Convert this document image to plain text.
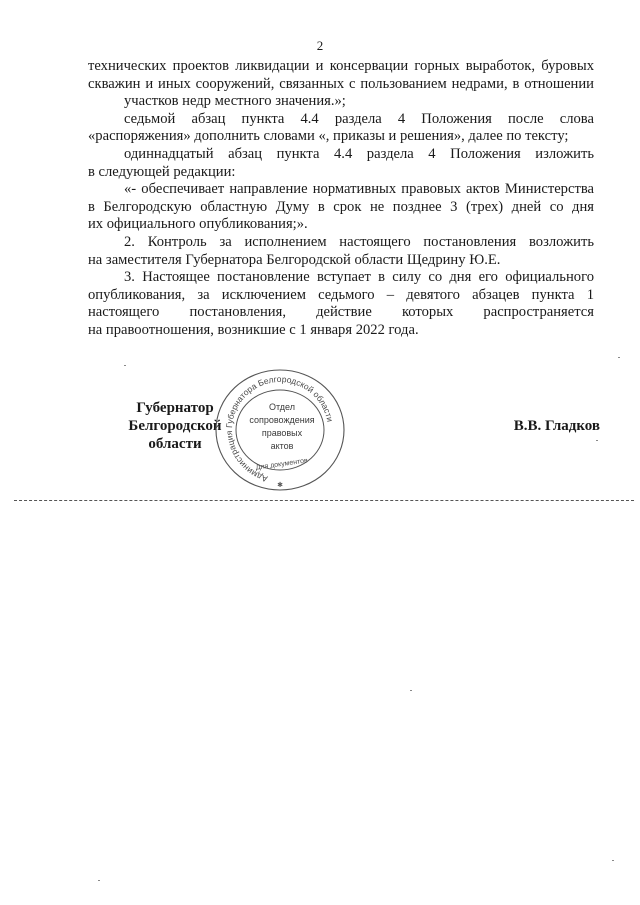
2
технических проектов ликвидации и консервации горных выработок, буровых
скважин и иных сооружений, связанных с пользованием недрами, в отношении
участков недр местного значения.»;
седьмой абзац пункта 4.4 раздела 4 Положения после слова
«распоряжения» дополнить словами «, приказы и решения», далее по тексту;
одиннадцатый абзац пункта 4.4 раздела 4 Положения изложить
в следующей редакции:
«- обеспечивает направление нормативных правовых актов Министерства
в Белгородскую областную Думу в срок не позднее 3 (трех) дней со дня
их официального опубликования;».
2. Контроль за исполнением настоящего постановления возложить
на заместителя Губернатора Белгородской области Щедрину Ю.Е.
3. Настоящее постановление вступает в силу со дня его официального
опубликования, за исключением седьмого – девятого абзацев пункта 1
настоящего постановления, действие которых распространяется
на правоотношения, возникшие с 1 января 2022 года.
Губернатор
Белгородской области
В.В. Гладков
Администрация Губернатора Белгородской области
Отдел
сопровождения
правовых
актов
Для документов
✱
